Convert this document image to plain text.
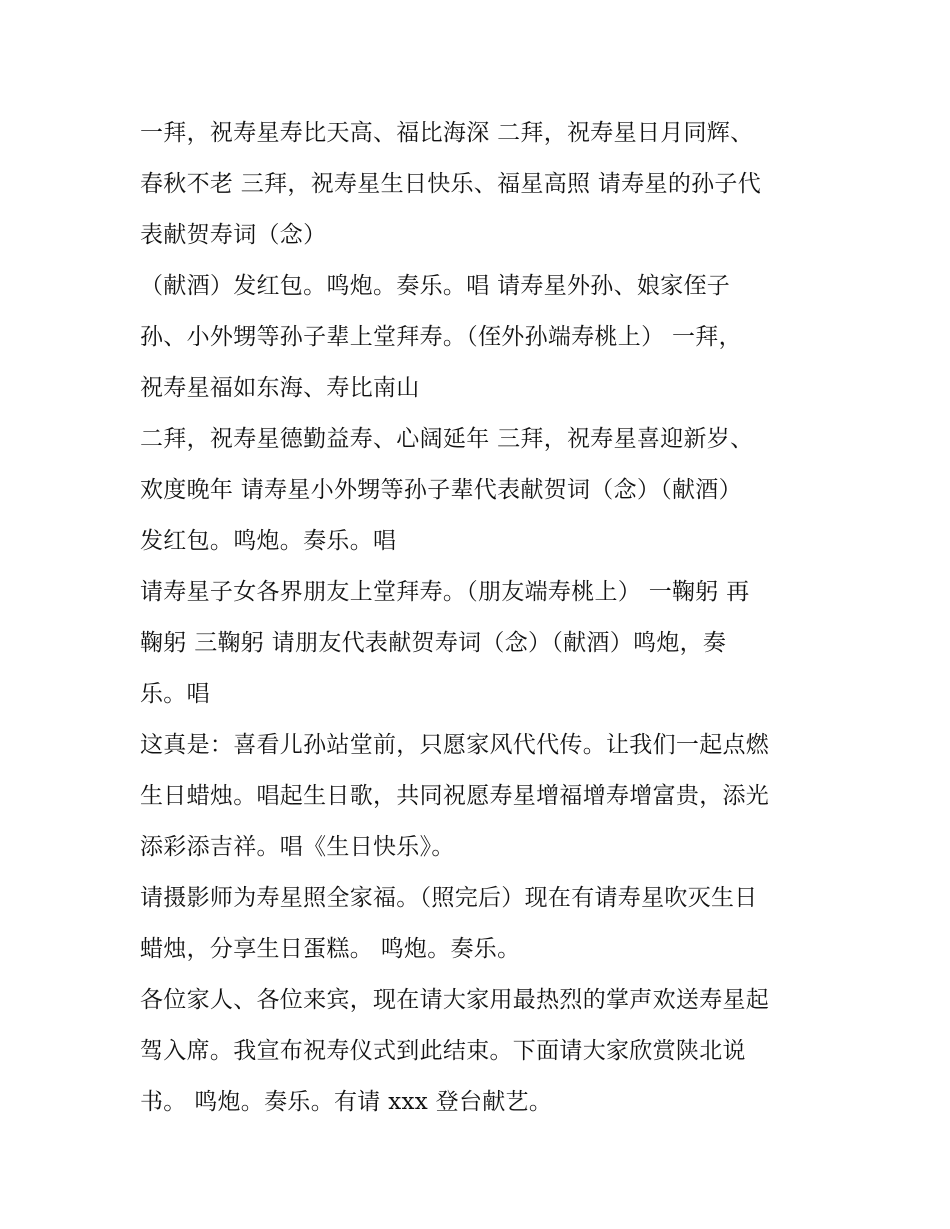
一拜，祝寿星寿比天高、福比海深 二拜，祝寿星日月同辉、
春秋不老 三拜，祝寿星生日快乐、福星高照 请寿星的孙子代
表献贺寿词（念）
（献酒）发红包。鸣炮。奏乐。唱 请寿星外孙、娘家侄子
孙、小外甥等孙子辈上堂拜寿。（侄外孙端寿桃上） 一拜，
祝寿星福如东海、寿比南山
二拜，祝寿星德勤益寿、心阔延年 三拜，祝寿星喜迎新岁、
欢度晚年 请寿星小外甥等孙子辈代表献贺词（念）（献酒）
发红包。鸣炮。奏乐。唱
请寿星子女各界朋友上堂拜寿。（朋友端寿桃上） 一鞠躬 再
鞠躬 三鞠躬 请朋友代表献贺寿词（念）（献酒）鸣炮，奏
乐。唱
这真是：喜看儿孙站堂前，只愿家风代代传。让我们一起点燃
生日蜡烛。唱起生日歌，共同祝愿寿星增福增寿增富贵，添光
添彩添吉祥。唱《生日快乐》。
请摄影师为寿星照全家福。（照完后）现在有请寿星吹灭生日
蜡烛，分享生日蛋糕。 鸣炮。奏乐。
各位家人、各位来宾，现在请大家用最热烈的掌声欢送寿星起
驾入席。我宣布祝寿仪式到此结束。下面请大家欣赏陕北说
书。 鸣炮。奏乐。有请 xxx 登台献艺。
